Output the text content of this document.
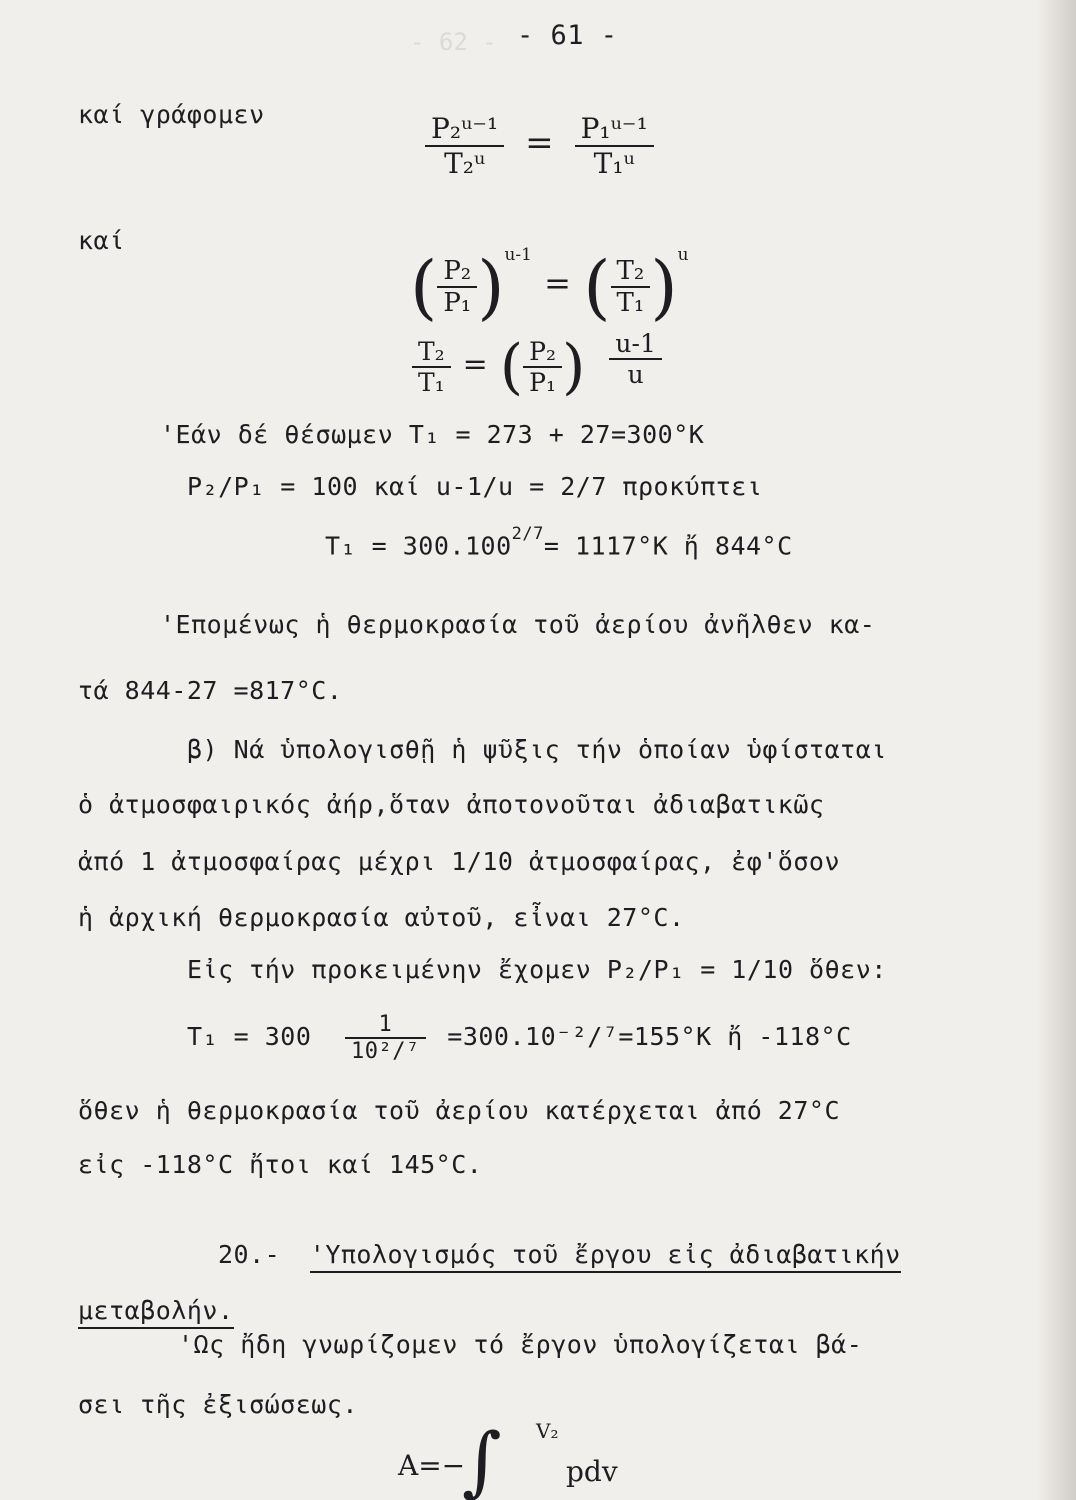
- 62 - - 61 -
καί γράφομεν	$\frac{\text{P₂ᵘ⁻¹}}{\text{T₂ᵘ}} = \frac{\text{P₁ᵘ⁻¹}}{\text{T₁ᵘ}}$
καί
( $\frac{\text{P₂}}{\text{P₁}} )^{u-1}$ = ( $\frac{\text{T₂}}{\text{T₁}} )^u$
$\frac{\text{T₂}}{\text{T₁}}$ = ( $\frac{\text{P₂}}{\text{P₁}}$ ) $\frac{u-1}{u}$
'Εάν δέ θέσωμεν T₁ = 273 + 27=300°K
P₂/P₁ = 100 καί u-1/u = 2/7 προκύπτει
$T_1 = 300.100^{2/7}= 1117^\circ K$ ἤ 844°C
'Επομένως ἡ θερμοκρασία τοῦ ἀερίου ἀνῆλθεν κα-
τά 844-27 =817°C.
β) Νά ὑπολογισθῇ ἡ ψῦξις τήν ὁποίαν ὑφίσταται
ὁ ἀτμοσφαιρικός ἀήρ,ὅταν ἀποτονοῦται ἀδιαβατικῶς
ἀπό 1 ἀτμοσφαίρας μέχρι 1/10 ἀτμοσφαίρας, ἐφ'ὅσον
ἡ ἀρχική θερμοκρασία αὐτοῦ, εἶναι 27°C.
Εἰς τήν προκειμένην ἔχομεν P₂/P₁ = 1/10 ὅθεν:
$T_1 = 300 \frac{1}{\text{10²/⁷}} =300.10^{-2}/^7=155^\circ K$ ἤ -118°C
ὅθεν ἡ θερμοκρασία τοῦ ἀερίου κατέρχεται ἀπό 27°C
εἰς -118°C ἤτοι καί 145°C.
20.- 'Υπολογισμός τοῦ ἔργου εἰς ἀδιαβατικήν
μεταβολήν.
'Ως ἤδη γνωρίζομεν τό ἔργον ὑπολογίζεται βά-
σει τῆς ἐξισώσεως.
A=−
∫ V₂
pdv
